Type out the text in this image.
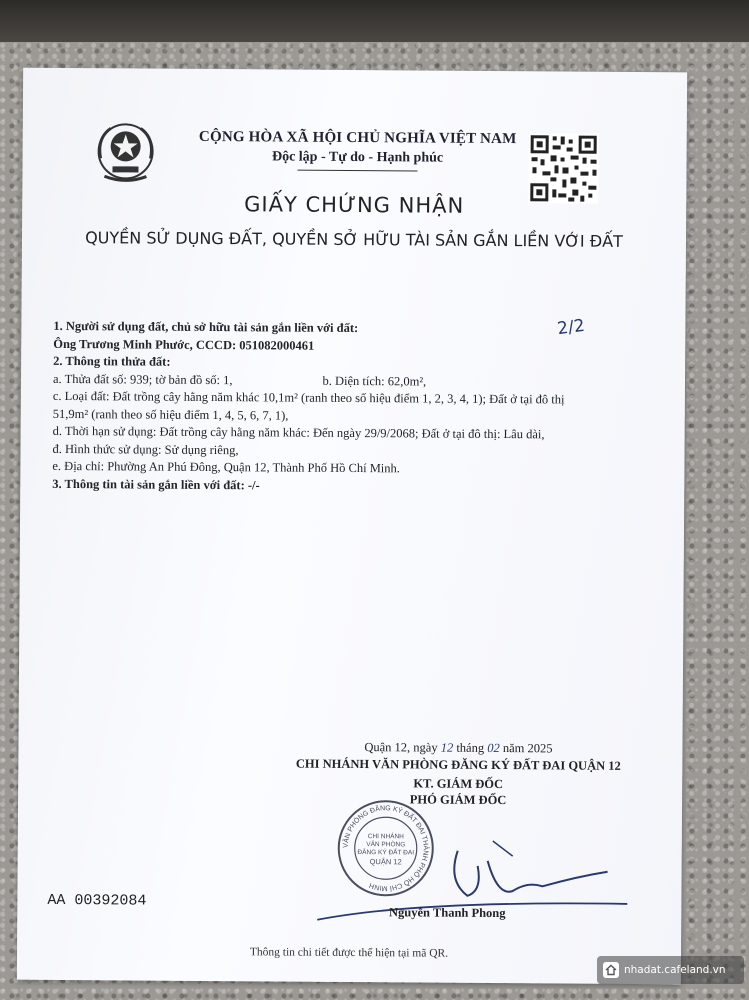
CỘNG HÒA XÃ HỘI CHỦ NGHĨA VIỆT NAM
Độc lập - Tự do - Hạnh phúc
GIẤY CHỨNG NHẬN
QUYỀN SỬ DỤNG ĐẤT, QUYỀN SỞ HỮU TÀI SẢN GẮN LIỀN VỚI ĐẤT
2/2
1. Người sử dụng đất, chủ sở hữu tài sản gắn liền với đất:
Ông Trương Minh Phước, CCCD: 051082000461
2. Thông tin thửa đất:
a. Thửa đất số: 939; tờ bản đồ số: 1,	b. Diện tích: 62,0m²,
c. Loại đất: Đất trồng cây hằng năm khác 10,1m² (ranh theo số hiệu điểm 1, 2, 3, 4, 1); Đất ở tại đô thị
51,9m² (ranh theo số hiệu điểm 1, 4, 5, 6, 7, 1),
d. Thời hạn sử dụng: Đất trồng cây hằng năm khác: Đến ngày 29/9/2068; Đất ở tại đô thị: Lâu dài,
đ. Hình thức sử dụng: Sử dụng riêng,
e. Địa chỉ: Phường An Phú Đông, Quận 12, Thành Phố Hồ Chí Minh.
3. Thông tin tài sản gắn liền với đất: -/-
Quận 12, ngày 12 tháng 02 năm 2025
CHI NHÁNH VĂN PHÒNG ĐĂNG KÝ ĐẤT ĐAI QUẬN 12
KT. GIÁM ĐỐC
PHÓ GIÁM ĐỐC
VĂN PHÒNG ĐĂNG KÝ ĐẤT ĐAI THÀNH PHỐ HỒ CHÍ MINH
CHI NHÁNH
VĂN PHÒNG
ĐĂNG KÝ ĐẤT ĐAI
QUẬN 12
Nguyễn Thanh Phong
AA 00392084
Thông tin chi tiết được thể hiện tại mã QR.
nhadat.cafeland.vn
